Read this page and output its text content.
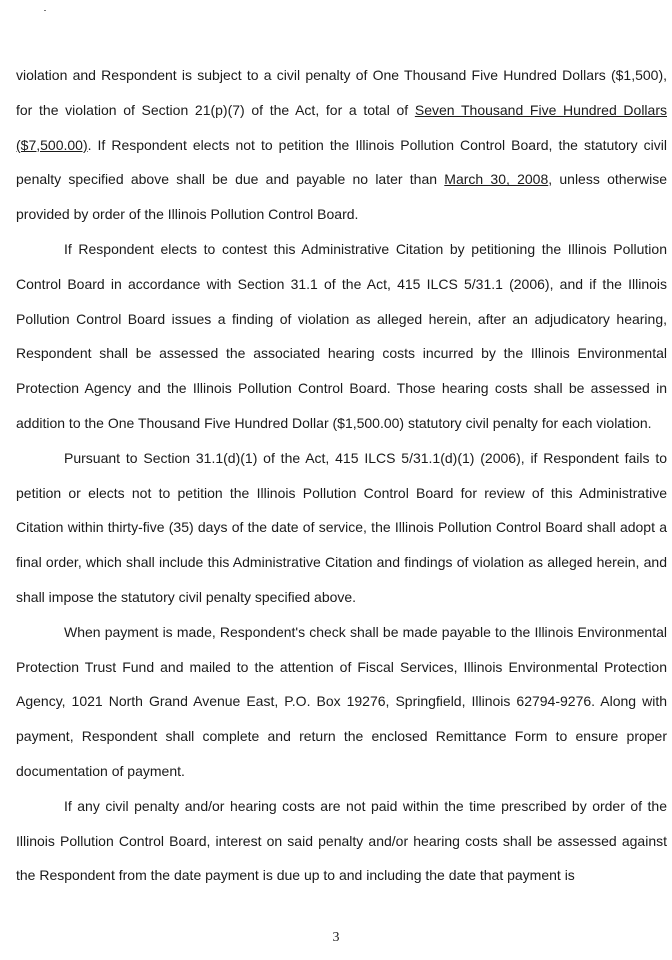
violation and Respondent is subject to a civil penalty of One Thousand Five Hundred Dollars ($1,500), for the violation of Section 21(p)(7) of the Act, for a total of Seven Thousand Five Hundred Dollars ($7,500.00). If Respondent elects not to petition the Illinois Pollution Control Board, the statutory civil penalty specified above shall be due and payable no later than March 30, 2008, unless otherwise provided by order of the Illinois Pollution Control Board.

If Respondent elects to contest this Administrative Citation by petitioning the Illinois Pollution Control Board in accordance with Section 31.1 of the Act, 415 ILCS 5/31.1 (2006), and if the Illinois Pollution Control Board issues a finding of violation as alleged herein, after an adjudicatory hearing, Respondent shall be assessed the associated hearing costs incurred by the Illinois Environmental Protection Agency and the Illinois Pollution Control Board. Those hearing costs shall be assessed in addition to the One Thousand Five Hundred Dollar ($1,500.00) statutory civil penalty for each violation.

Pursuant to Section 31.1(d)(1) of the Act, 415 ILCS 5/31.1(d)(1) (2006), if Respondent fails to petition or elects not to petition the Illinois Pollution Control Board for review of this Administrative Citation within thirty-five (35) days of the date of service, the Illinois Pollution Control Board shall adopt a final order, which shall include this Administrative Citation and findings of violation as alleged herein, and shall impose the statutory civil penalty specified above.

When payment is made, Respondent's check shall be made payable to the Illinois Environmental Protection Trust Fund and mailed to the attention of Fiscal Services, Illinois Environmental Protection Agency, 1021 North Grand Avenue East, P.O. Box 19276, Springfield, Illinois 62794-9276. Along with payment, Respondent shall complete and return the enclosed Remittance Form to ensure proper documentation of payment.

If any civil penalty and/or hearing costs are not paid within the time prescribed by order of the Illinois Pollution Control Board, interest on said penalty and/or hearing costs shall be assessed against the Respondent from the date payment is due up to and including the date that payment is

3
